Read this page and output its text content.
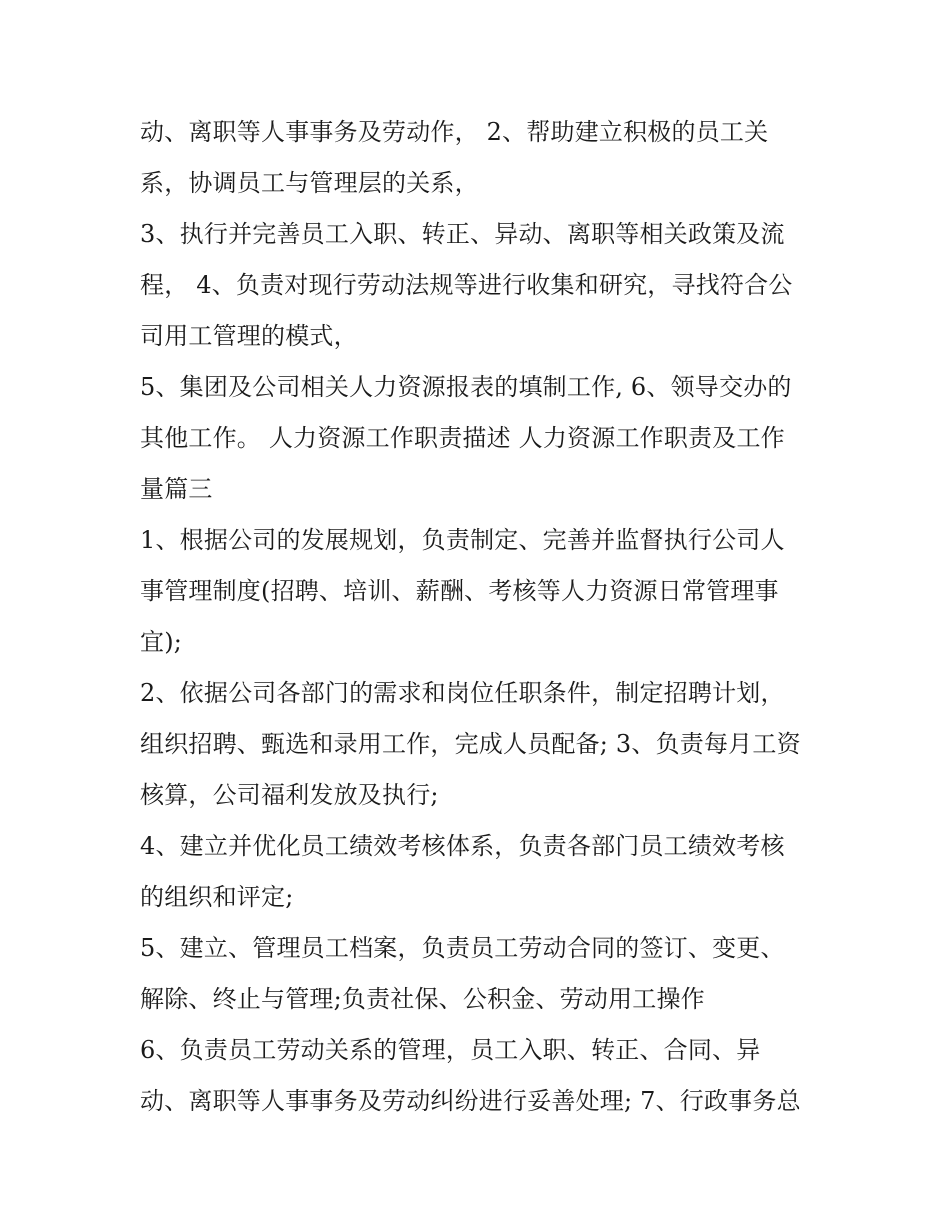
动、离职等人事事务及劳动作， 2、帮助建立积极的员工关
系，协调员工与管理层的关系，
3、执行并完善员工入职、转正、异动、离职等相关政策及流
程， 4、负责对现行劳动法规等进行收集和研究，寻找符合公
司用工管理的模式，
5、集团及公司相关人力资源报表的填制工作, 6、领导交办的
其他工作。 人力资源工作职责描述 人力资源工作职责及工作
量篇三
1、根据公司的发展规划，负责制定、完善并监督执行公司人
事管理制度(招聘、培训、薪酬、考核等人力资源日常管理事
宜);
2、依据公司各部门的需求和岗位任职条件，制定招聘计划，
组织招聘、甄选和录用工作，完成人员配备; 3、负责每月工资
核算，公司福利发放及执行;
4、建立并优化员工绩效考核体系，负责各部门员工绩效考核
的组织和评定;
5、建立、管理员工档案，负责员工劳动合同的签订、变更、
解除、终止与管理;负责社保、公积金、劳动用工操作
6、负责员工劳动关系的管理，员工入职、转正、合同、异
动、离职等人事事务及劳动纠纷进行妥善处理; 7、行政事务总
